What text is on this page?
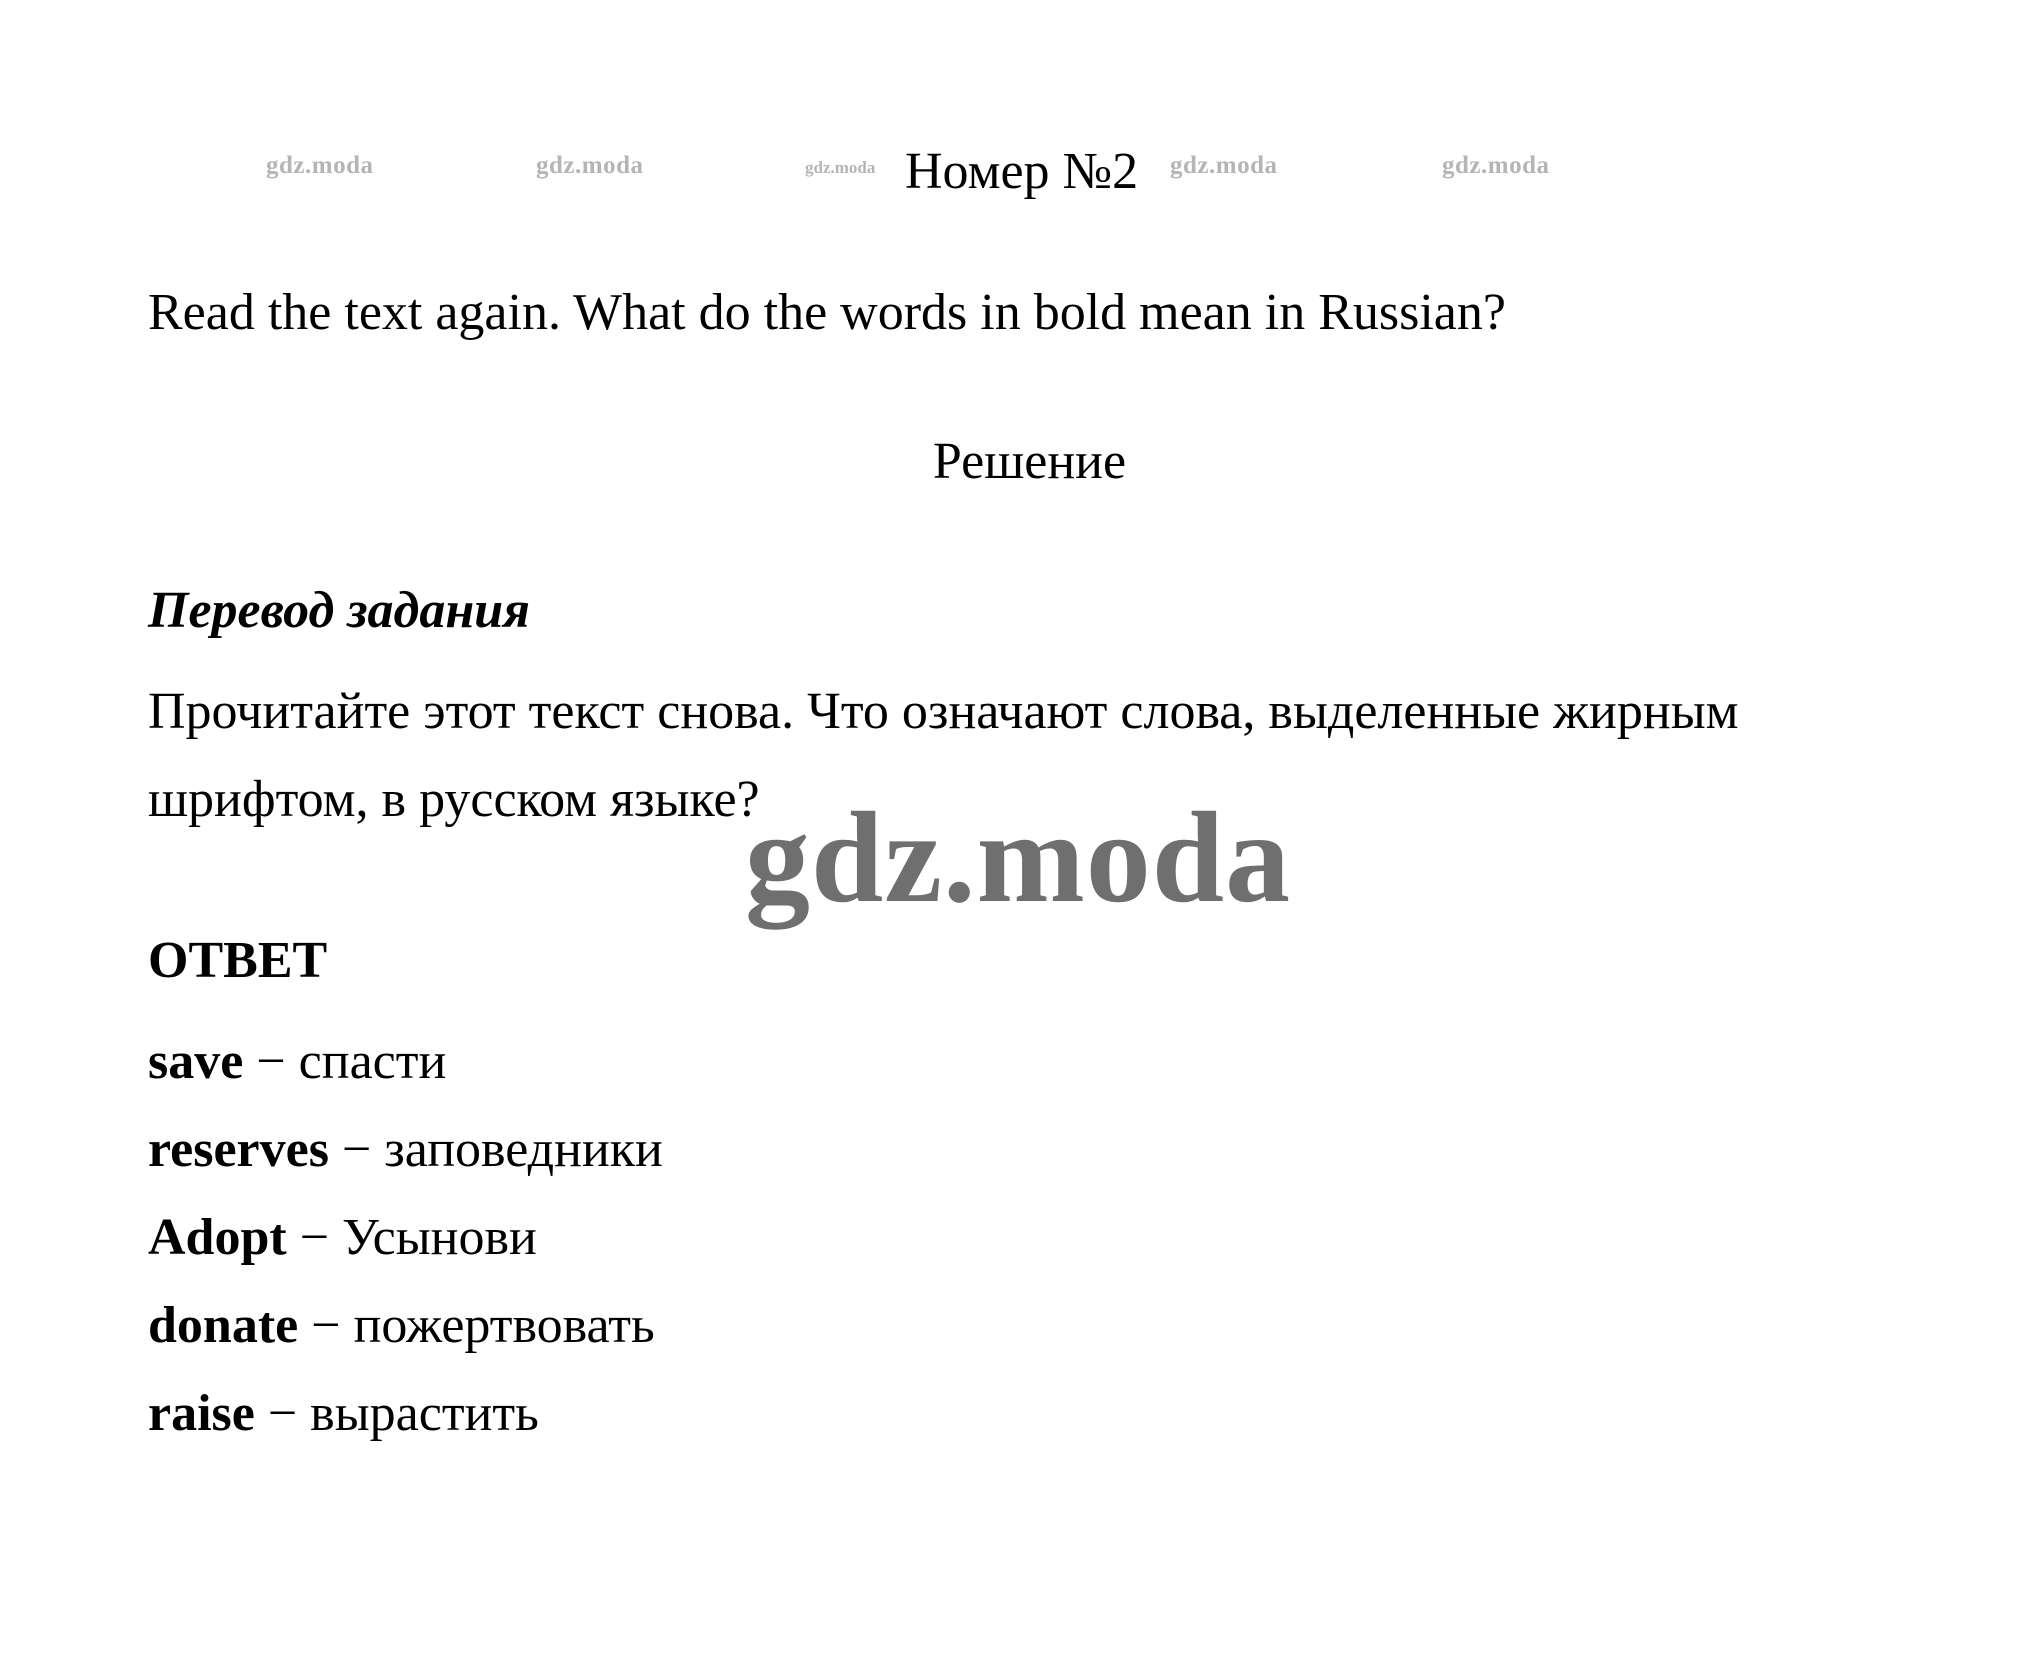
gdz.moda	gdz.moda	gdz.moda	gdz.moda	gdz.moda
Номер №2
Read the text again. What do the words in bold mean in Russian?
Решение
Перевод задания
Прочитайте этот текст снова. Что означают слова, выделенные жирным шрифтом, в русском языке?
gdz.moda
ОТВЕТ
save − спасти
reserves − заповедники
Adopt − Усынови
donate − пожертвовать
raise − вырастить
